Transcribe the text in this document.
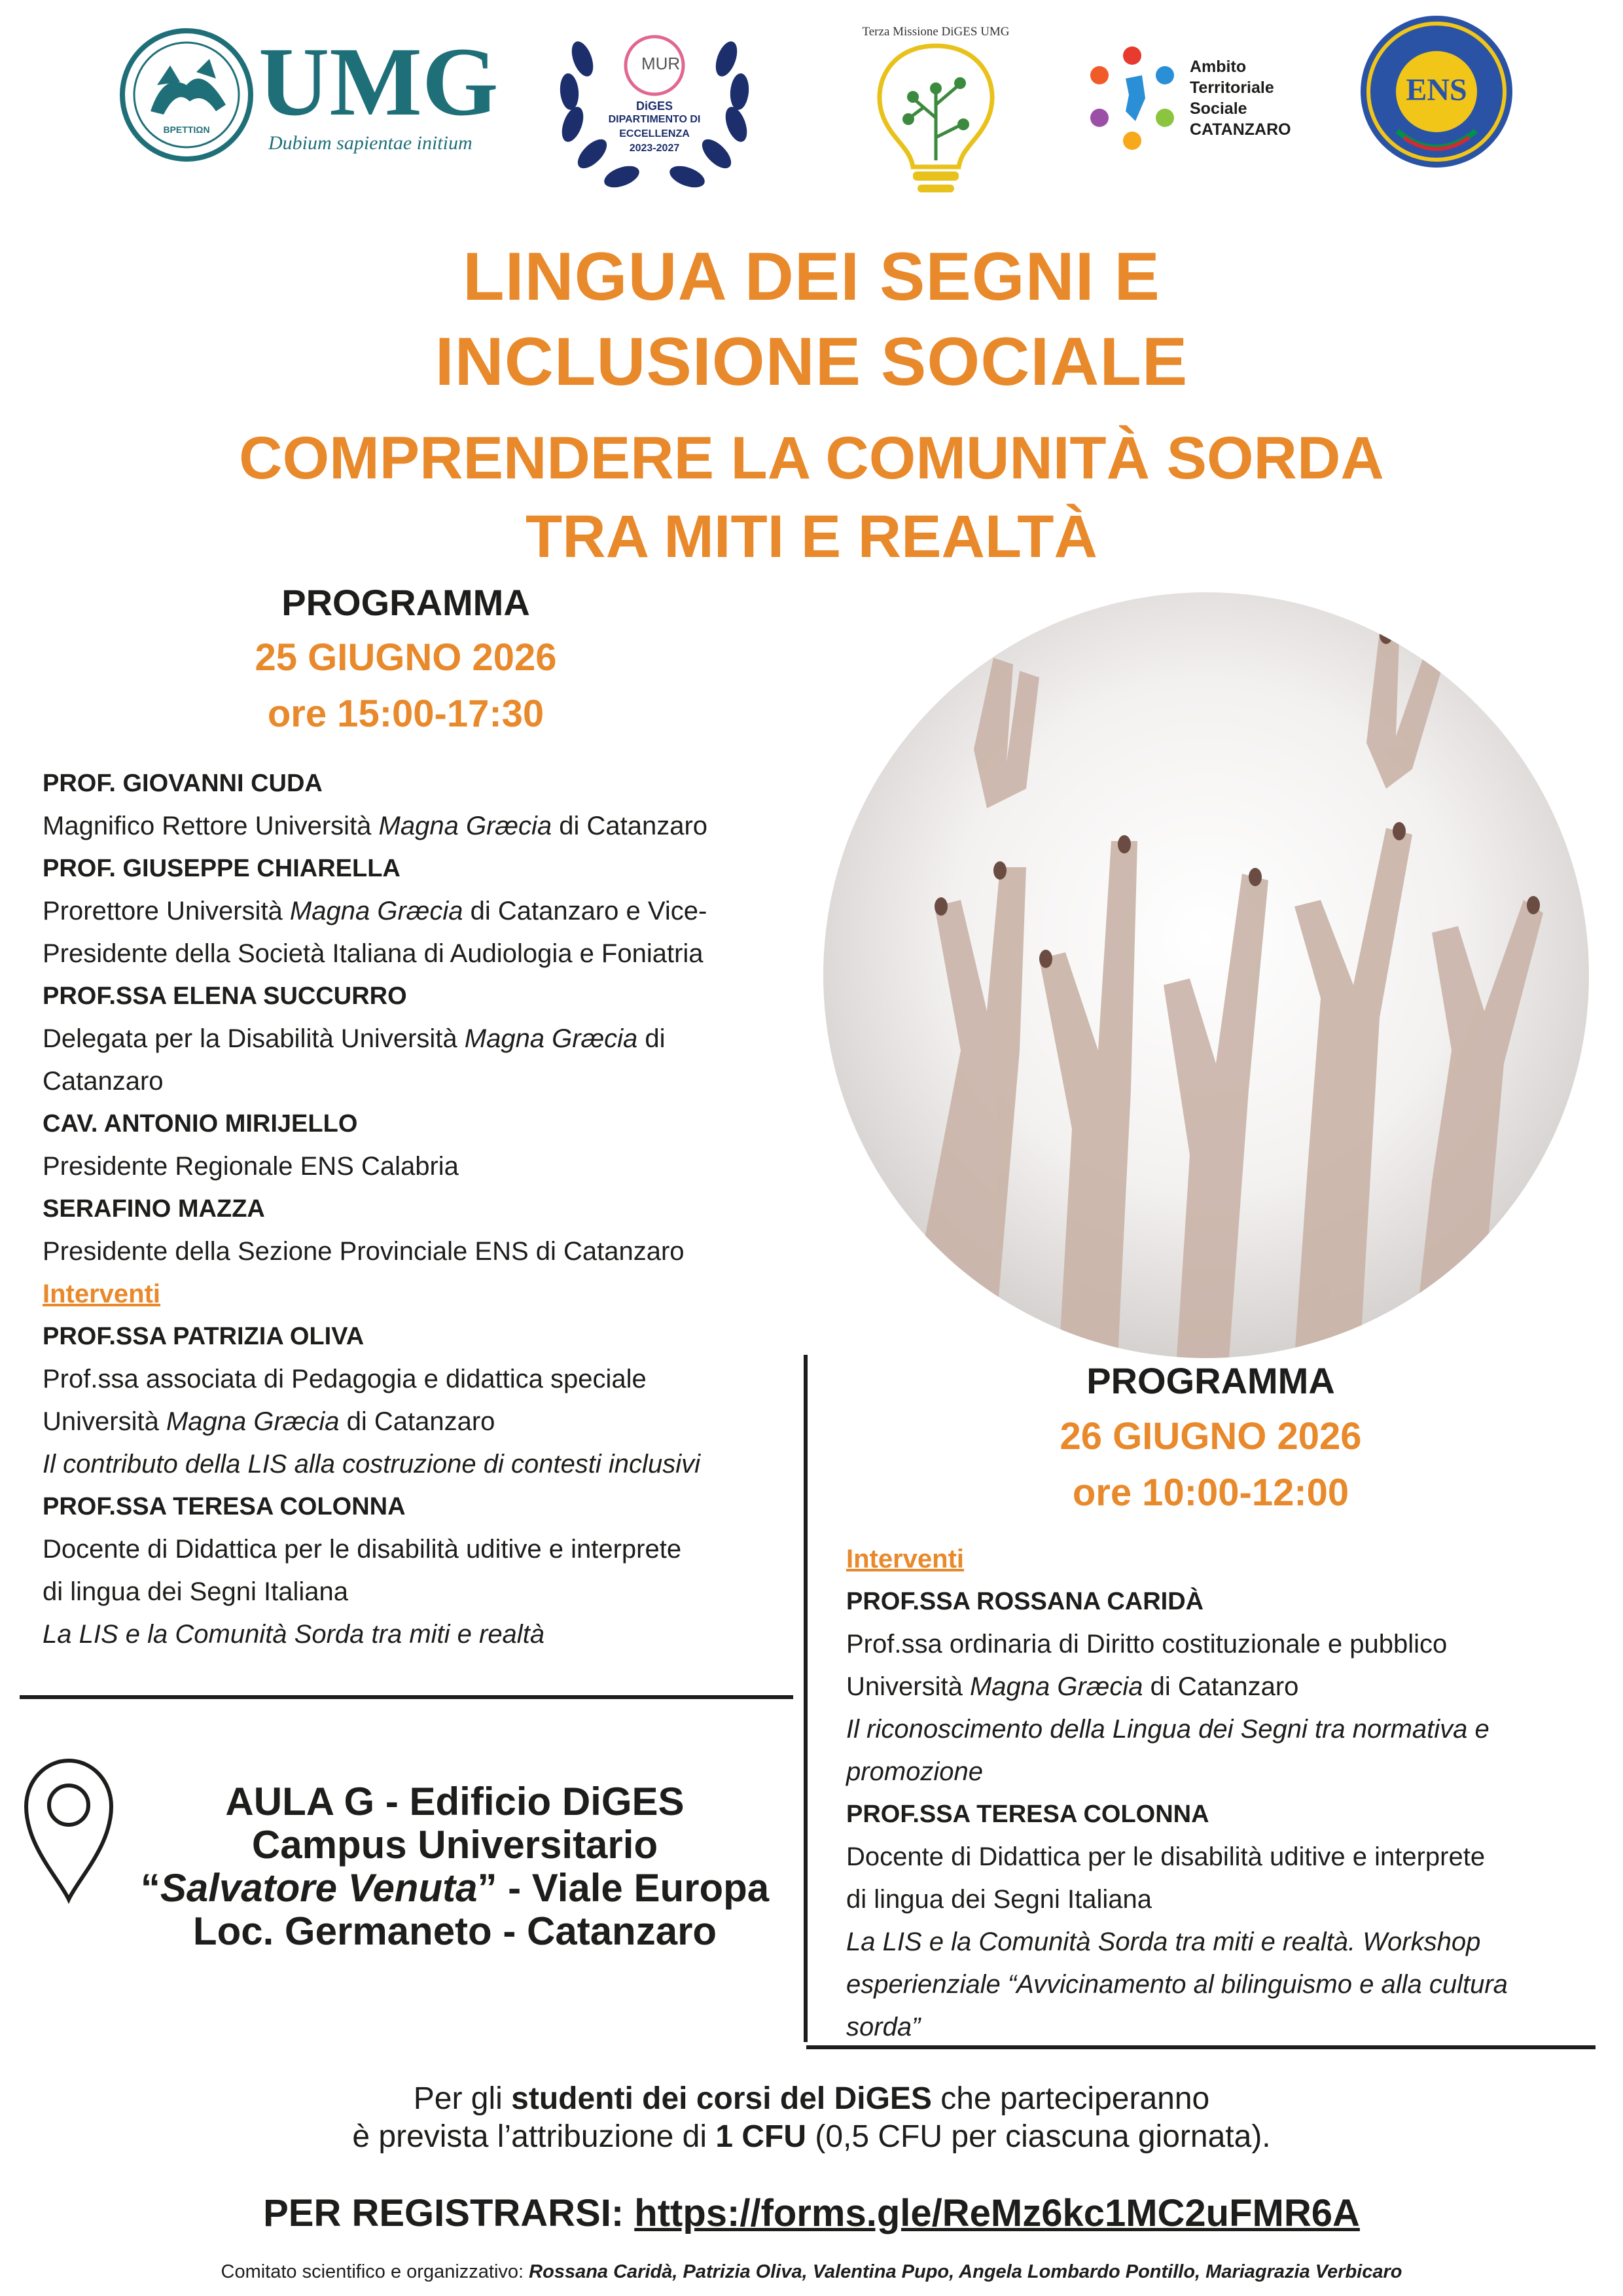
BPETTIΩN UMG
Dubium sapientae initium
MUR
DiGES
DIPARTIMENTO DI
ECCELLENZA
2023-2027
Terza Missione DiGES UMG
Ambito
Territoriale
Sociale
CATANZARO
ENS
LINGUA DEI SEGNI E
INCLUSIONE SOCIALE
COMPRENDERE LA COMUNITÀ SORDA
TRA MITI E REALTÀ
PROGRAMMA
25 GIUGNO 2026
ore 15:00-17:30
PROF. GIOVANNI CUDA
Magnifico Rettore Università Magna Græcia di Catanzaro
PROF. GIUSEPPE CHIARELLA
Prorettore Università Magna Græcia di Catanzaro e Vice-
Presidente della Società Italiana di Audiologia e Foniatria
PROF.SSA ELENA SUCCURRO
Delegata per la Disabilità Università Magna Græcia di
Catanzaro
CAV. ANTONIO MIRIJELLO
Presidente Regionale ENS Calabria
SERAFINO MAZZA
Presidente della Sezione Provinciale ENS di Catanzaro
Interventi
PROF.SSA PATRIZIA OLIVA
Prof.ssa associata di Pedagogia e didattica speciale
Università Magna Græcia di Catanzaro
Il contributo della LIS alla costruzione di contesti inclusivi
PROF.SSA TERESA COLONNA
Docente di Didattica per le disabilità uditive e interprete
di lingua dei Segni Italiana
La LIS e la Comunità Sorda tra miti e realtà
PROGRAMMA
26 GIUGNO 2026
ore 10:00-12:00
Interventi
PROF.SSA ROSSANA CARIDÀ
Prof.ssa ordinaria di Diritto costituzionale e pubblico
Università Magna Græcia di Catanzaro
Il riconoscimento della Lingua dei Segni tra normativa e
promozione
PROF.SSA TERESA COLONNA
Docente di Didattica per le disabilità uditive e interprete
di lingua dei Segni Italiana
La LIS e la Comunità Sorda tra miti e realtà. Workshop
esperienziale “Avvicinamento al bilinguismo e alla cultura
sorda”
AULA G - Edificio DiGES
Campus Universitario
“Salvatore Venuta” - Viale Europa
Loc. Germaneto - Catanzaro
Per gli studenti dei corsi del DiGES che parteciperanno
è prevista l’attribuzione di 1 CFU (0,5 CFU per ciascuna giornata).
PER REGISTRARSI: https://forms.gle/ReMz6kc1MC2uFMR6A
Comitato scientifico e organizzativo: Rossana Caridà, Patrizia Oliva, Valentina Pupo, Angela Lombardo Pontillo, Mariagrazia Verbicaro
